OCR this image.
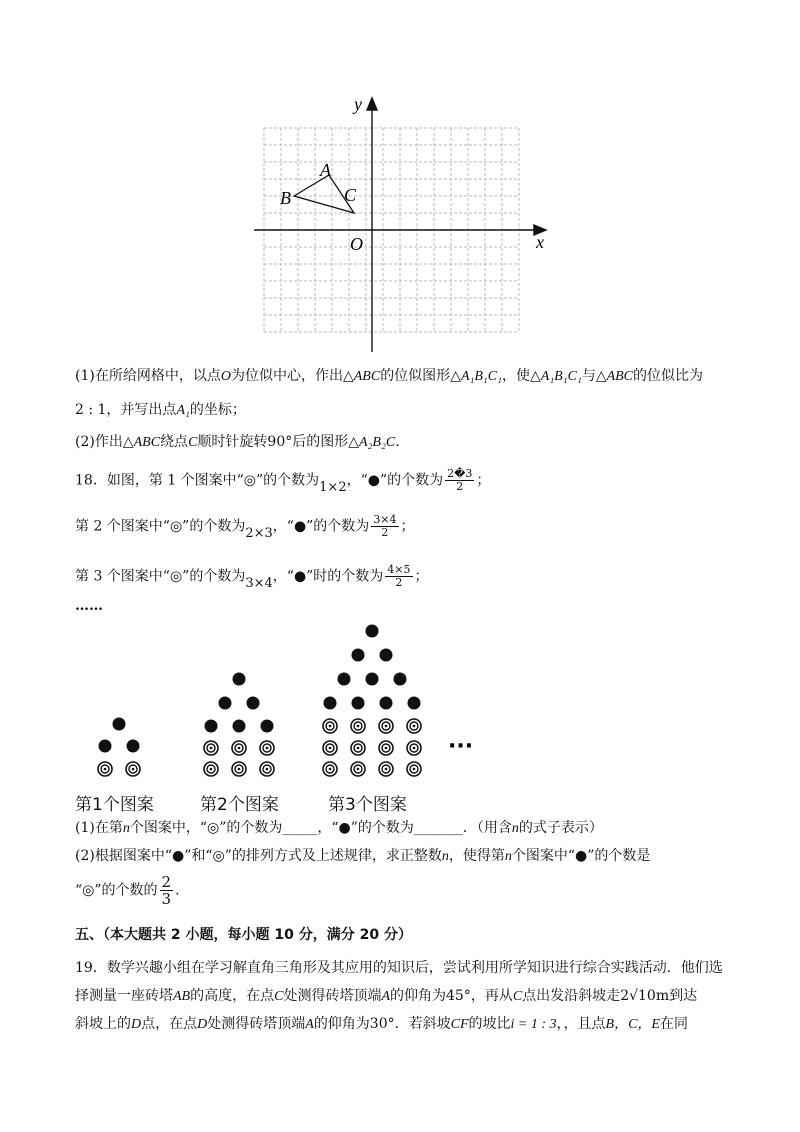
x
y
O
A
B	C
(1)在所给网格中，以点O为位似中心，作出△ABC的位似图形△A₁B₁C₁，使△A₁B₁C₁与△ABC的位似比为
2 : 1，并写出点A₁的坐标；
(2)作出△ABC绕点C顺时针旋转90°后的图形△A₂B₂C.
18．如图，第 1 个图案中“◎”的个数为1×2，“●”的个数为 $\frac{2�3}{2}$ ；
第 2 个图案中“◎”的个数为2×3，“●”的个数为 $\frac{3\times 4}{2}$ ；
第 3 个图案中“◎”的个数为3×4，“●”时的个数为 $\frac{4\times 5}{2}$ ；
……
···
第1个图案	第2个图案	第3个图案
(1)在第n个图案中，“◎”的个数为_____，“●”的个数为_______．（用含n的式子表示）
(2)根据图案中“●”和“◎”的排列方式及上述规律，求正整数n，使得第n个图案中“●”的个数是
“◎”的个数的 $\frac{2}{3}$ .
五、（本大题共 2 小题，每小题 10 分，满分 20 分）
19．数学兴趣小组在学习解直角三角形及其应用的知识后，尝试利用所学知识进行综合实践活动．他们选
择测量一座砖塔AB的高度，在点C处测得砖塔顶端A的仰角为45°，再从C点出发沿斜坡走2√10m到达
斜坡上的D点，在点D处测得砖塔顶端A的仰角为30°．若斜坡CF的坡比i = 1 : 3，，且点B，C，E在同
